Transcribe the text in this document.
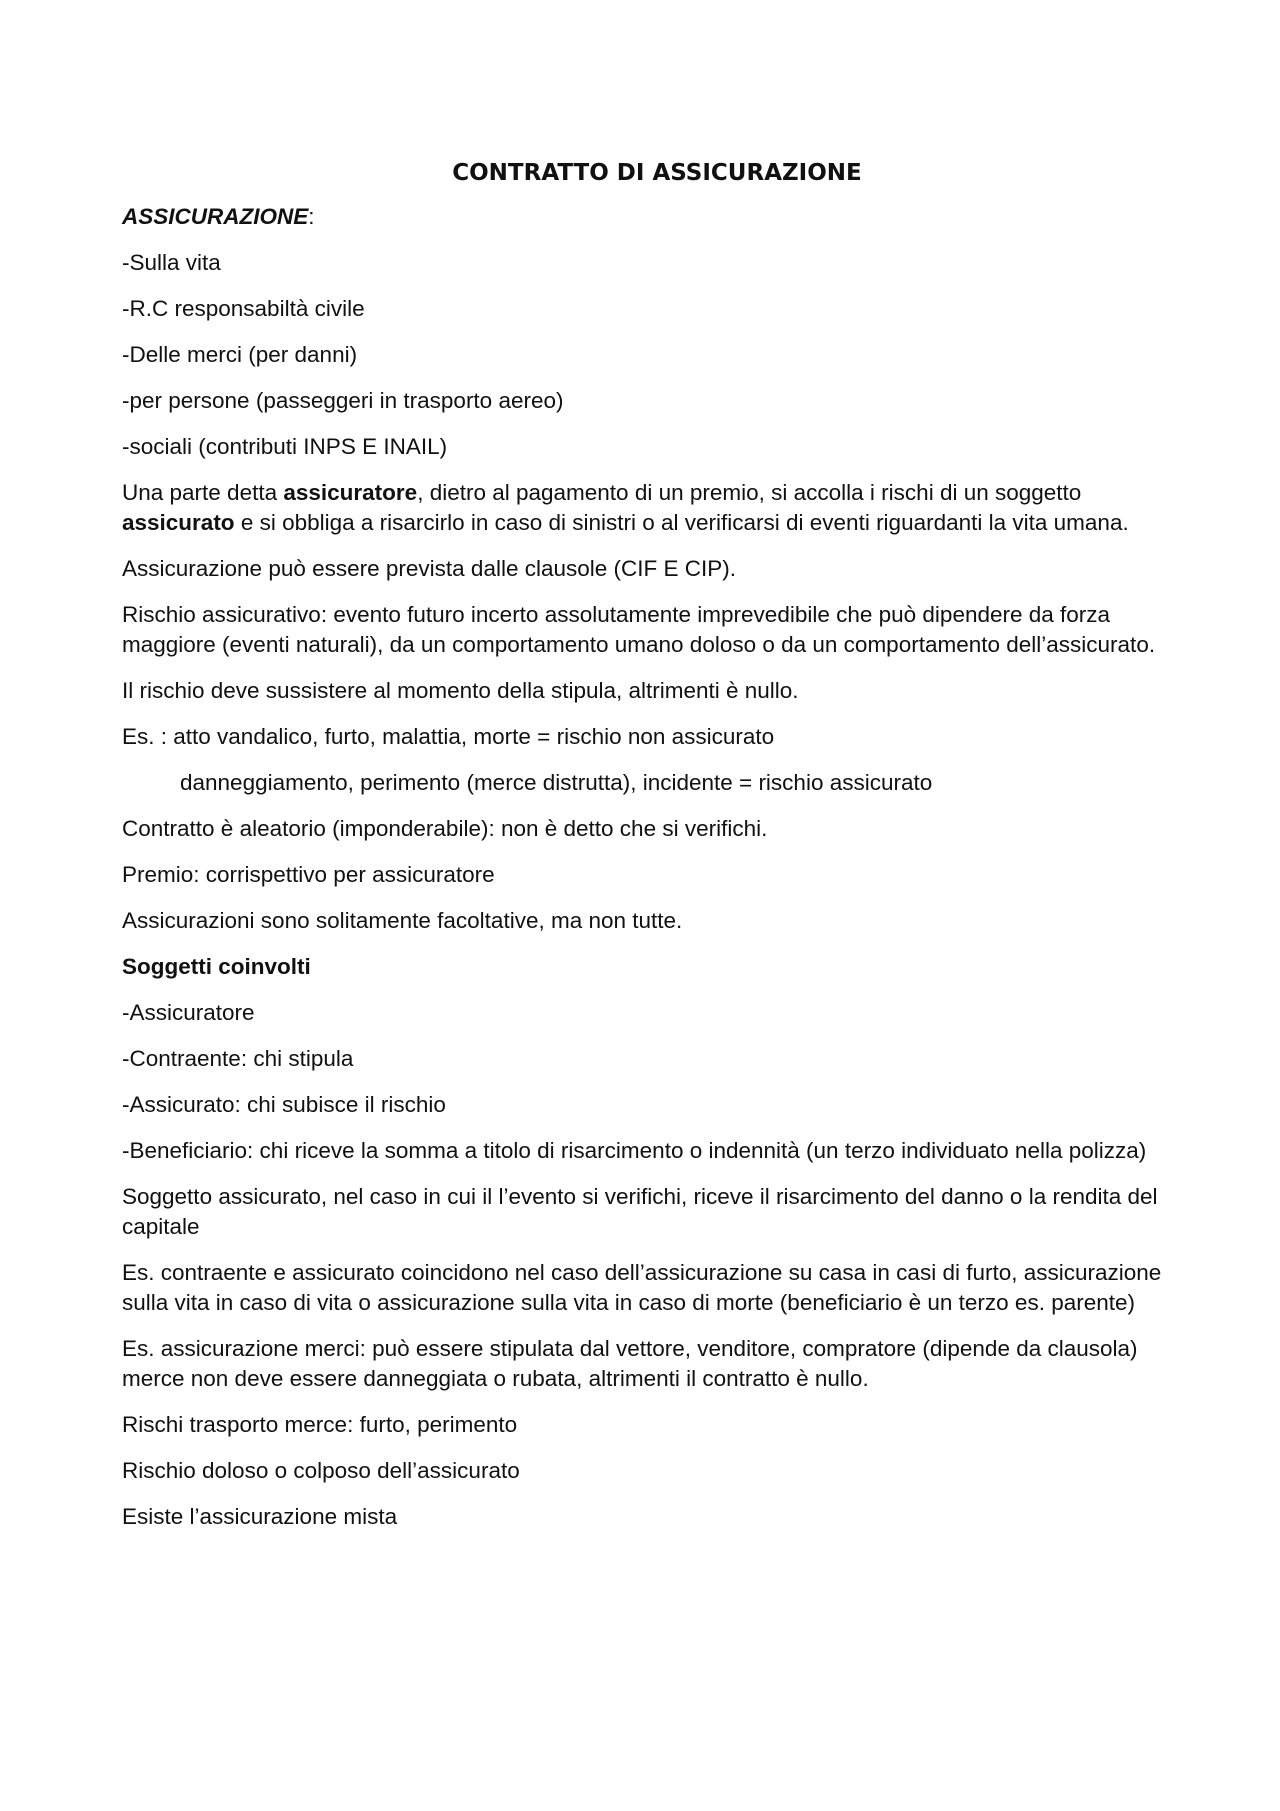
CONTRATTO DI ASSICURAZIONE

ASSICURAZIONE:

-Sulla vita

-R.C responsabiltà civile

-Delle merci (per danni)

-per persone (passeggeri in trasporto aereo)

-sociali (contributi INPS E INAIL)

Una parte detta assicuratore, dietro al pagamento di un premio, si accolla i rischi di un soggetto assicurato e si obbliga a risarcirlo in caso di sinistri o al verificarsi di eventi riguardanti la vita umana.

Assicurazione può essere prevista dalle clausole (CIF E CIP).

Rischio assicurativo: evento futuro incerto assolutamente imprevedibile che può dipendere da forza maggiore (eventi naturali), da un comportamento umano doloso o da un comportamento dell’assicurato.

Il rischio deve sussistere al momento della stipula, altrimenti è nullo.

Es. : atto vandalico, furto, malattia, morte = rischio non assicurato

danneggiamento, perimento (merce distrutta), incidente = rischio assicurato

Contratto è aleatorio (imponderabile): non è detto che si verifichi.

Premio: corrispettivo per assicuratore

Assicurazioni sono solitamente facoltative, ma non tutte.

Soggetti coinvolti

-Assicuratore

-Contraente: chi stipula

-Assicurato: chi subisce il rischio

-Beneficiario: chi riceve la somma a titolo di risarcimento o indennità (un terzo individuato nella polizza)

Soggetto assicurato, nel caso in cui il l’evento si verifichi, riceve il risarcimento del danno o la rendita del capitale

Es. contraente e assicurato coincidono nel caso dell’assicurazione su casa in casi di furto, assicurazione sulla vita in caso di vita o assicurazione sulla vita in caso di morte (beneficiario è un terzo es. parente)

Es. assicurazione merci: può essere stipulata dal vettore, venditore, compratore (dipende da clausola) merce non deve essere danneggiata o rubata, altrimenti il contratto è nullo.

Rischi trasporto merce: furto, perimento

Rischio doloso o colposo dell’assicurato

Esiste l’assicurazione mista
